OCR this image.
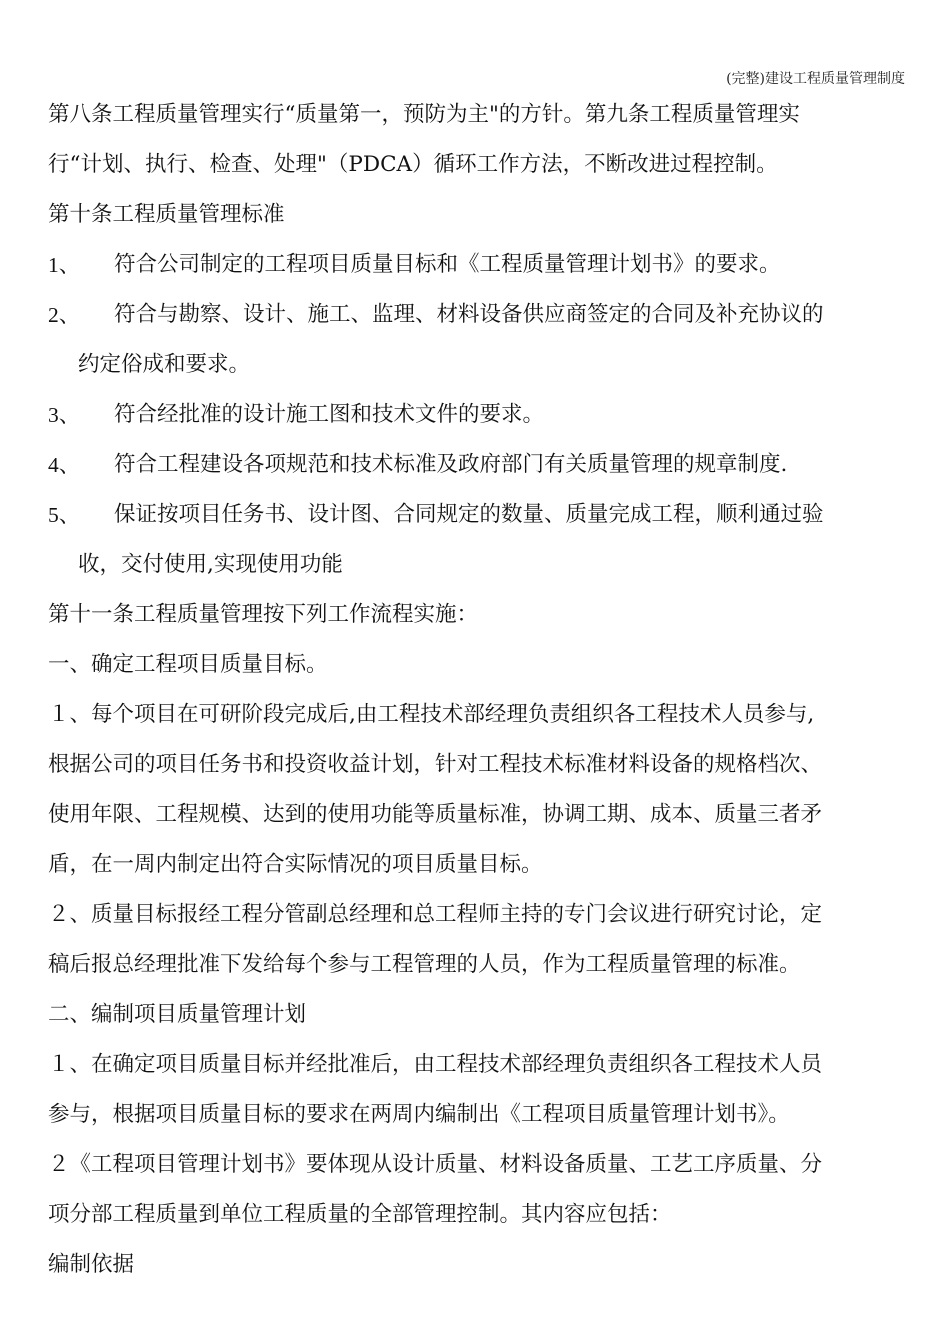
(完整)建设工程质量管理制度

第八条工程质量管理实行“质量第一，预防为主"的方针。第九条工程质量管理实

行“计划、执行、检查、处理"（PDCA）循环工作方法，不断改进过程控制。

第十条工程质量管理标准

1、	符合公司制定的工程项目质量目标和《工程质量管理计划书》的要求。
2、	符合与勘察、设计、施工、监理、材料设备供应商签定的合同及补充协议的

约定俗成和要求。

3、	符合经批准的设计施工图和技术文件的要求。
4、	符合工程建设各项规范和技术标准及政府部门有关质量管理的规章制度.
5、	保证按项目任务书、设计图、合同规定的数量、质量完成工程，顺利通过验

收，交付使用,实现使用功能

第十一条工程质量管理按下列工作流程实施：

一、确定工程项目质量目标。

１、每个项目在可研阶段完成后,由工程技术部经理负责组织各工程技术人员参与,

根据公司的项目任务书和投资收益计划，针对工程技术标准材料设备的规格档次、

使用年限、工程规模、达到的使用功能等质量标准，协调工期、成本、质量三者矛

盾，在一周内制定出符合实际情况的项目质量目标。

２、质量目标报经工程分管副总经理和总工程师主持的专门会议进行研究讨论，定

稿后报总经理批准下发给每个参与工程管理的人员，作为工程质量管理的标准。

二、编制项目质量管理计划

１、在确定项目质量目标并经批准后，由工程技术部经理负责组织各工程技术人员

参与，根据项目质量目标的要求在两周内编制出《工程项目质量管理计划书》。

２《工程项目管理计划书》要体现从设计质量、材料设备质量、工艺工序质量、分

项分部工程质量到单位工程质量的全部管理控制。其内容应包括：

编制依据
